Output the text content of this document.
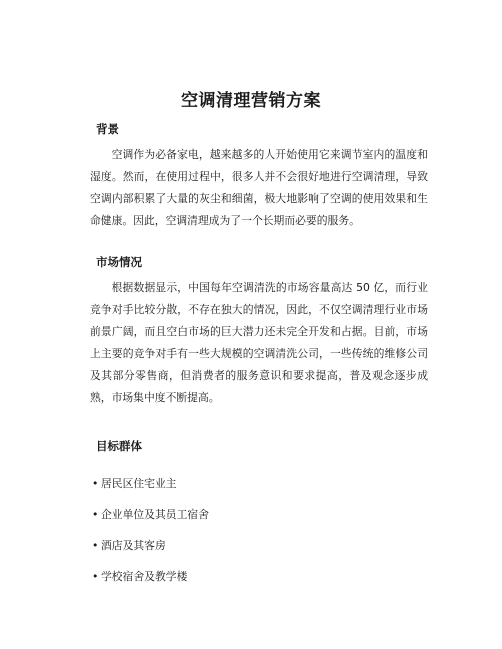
空调清理营销方案
背景

空调作为必备家电，越来越多的人开始使用它来调节室内的温度和湿度。然而，在使用过程中，很多人并不会很好地进行空调清理，导致空调内部积累了大量的灰尘和细菌，极大地影响了空调的使用效果和生命健康。因此，空调清理成为了一个长期而必要的服务。

市场情况

根据数据显示，中国每年空调清洗的市场容量高达 50 亿，而行业竞争对手比较分散，不存在独大的情况，因此，不仅空调清理行业市场前景广阔，而且空白市场的巨大潜力还未完全开发和占据。目前，市场上主要的竞争对手有一些大规模的空调清洗公司，一些传统的维修公司及其部分零售商，但消费者的服务意识和要求提高，普及观念逐步成熟，市场集中度不断提高。

目标群体
• 居民区住宅业主
• 企业单位及其员工宿舍
• 酒店及其客房
• 学校宿舍及教学楼
